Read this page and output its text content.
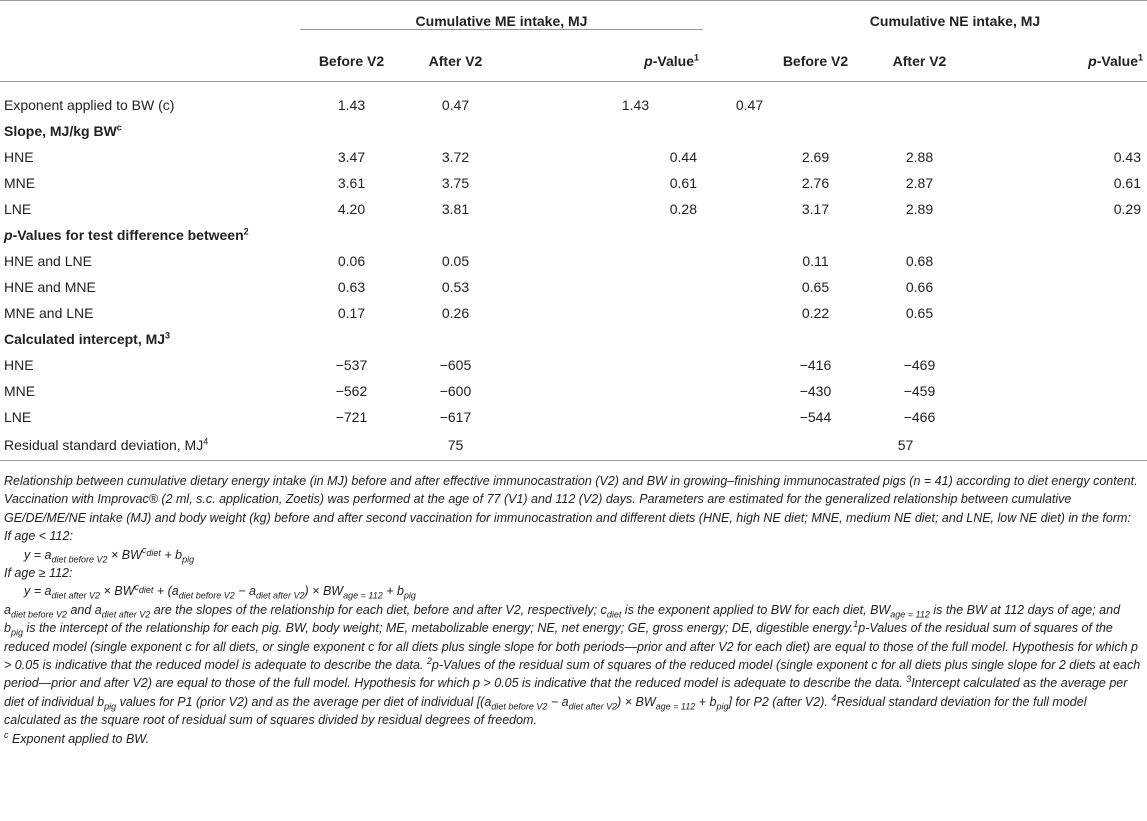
Cumulative ME intake, MJ		Cumulative NE intake, MJ

	Before V2	After V2	p-Value$^1$		Before V2	After V2	p-Value$^1$

Exponent applied to BW (c)	1.43	0.47	1.43		0.47		
Slope, MJ/kg $BW^c$
HNE	3.47	3.72	0.44		2.69	2.88	0.43
MNE	3.61	3.75	0.61		2.76	2.87	0.61
LNE	4.20	3.81	0.28		3.17	2.89	0.29
p-Values for test difference between$^2$
HNE and LNE	0.06	0.05			0.11	0.68	
HNE and MNE	0.63	0.53			0.65	0.66	
MNE and LNE	0.17	0.26			0.22	0.65	
Calculated intercept, $MJ^3$
HNE	−537	−605			−416	−469	
MNE	−562	−600			−430	−459	
LNE	−721	−617			−544	−466	
Residual standard deviation, $MJ^4$		75				57	

Relationship between cumulative dietary energy intake (in MJ) before and after effective immunocastration (V2) and BW in growing–finishing immunocastrated pigs (n = 41) according to diet energy content. Vaccination with Improvac® (2 ml, s.c. application, Zoetis) was performed at the age of 77 (V1) and 112 (V2) days. Parameters are estimated for the generalized relationship between cumulative GE/DE/ME/NE intake (MJ) and body weight (kg) before and after second vaccination for immunocastration and different diets (HNE, high NE diet; MNE, medium NE diet; and LNE, low NE diet) in the form:

If age < 112:

$y = a_{diet before V2} \times BW^{cdiet} + b_{pig}$

If age ≥ 112:

$y = a_{diet after V2} \times BW^{cdiet} + (a_{diet before V2} - a_{diet after V2}) \times BW_{age = 112} + b_{pig}$

$a_{diet before V2}$ and $a_{diet after V2}$ are the slopes of the relationship for each diet, before and after V2, respectively; $c_{diet}$ is the exponent applied to BW for each diet, $BW_{age = 112}$ is the BW at 112 days of age; and $b_{pig}$ is the intercept of the relationship for each pig. BW, body weight; ME, metabolizable energy; NE, net energy; GE, gross energy; DE, digestible energy.$^1$p-Values of the residual sum of squares of the reduced model (single exponent c for all diets, or single exponent c for all diets plus single slope for both periods—prior and after V2 for each diet) are equal to those of the full model. Hypothesis for which p > 0.05 is indicative that the reduced model is adequate to describe the data. $^2$p-Values of the residual sum of squares of the reduced model (single exponent c for all diets plus single slope for 2 diets at each period—prior and after V2) are equal to those of the full model. Hypothesis for which p > 0.05 is indicative that the reduced model is adequate to describe the data. $^3$Intercept calculated as the average per diet of individual $b_{pig}$ values for P1 (prior V2) and as the average per diet of individual $[(a_{diet before V2} - a_{diet after V2}) \times BW_{age = 112} + b_{pig}]$ for P2 (after V2). $^4$Residual standard deviation for the full model calculated as the square root of residual sum of squares divided by residual degrees of freedom.

$^c$ Exponent applied to BW.
